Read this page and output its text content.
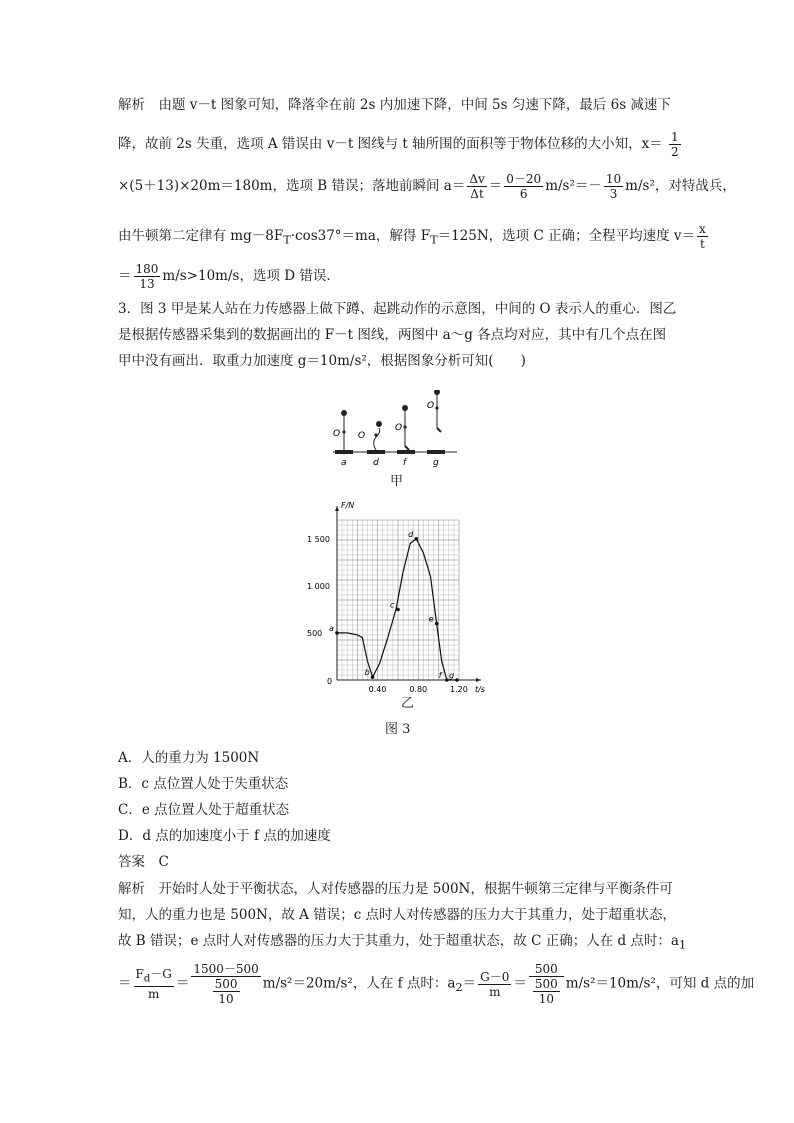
解析　由题 v－t 图象可知，降落伞在前 2s 内加速下降，中间 5s 匀速下降，最后 6s 减速下
降，故前 2s 失重，选项 A 错误由 v－t 图线与 t 轴所围的面积等于物体位移的大小知，$x= \frac{1}{2}$
×(5＋13)×20m＝180m，选项 B 错误；落地前瞬间 $a= \frac{\Delta v}{\Delta t} = \frac{0-20}{6} m/s^2=- \frac{10}{3} m/s^2$，对特战兵，
由牛顿第二定律有 $mg-8F_T\cdot\cos 37^\circ=ma$，解得 $F_T=125N$，选项 C 正确；全程平均速度 $v= \frac{x}{t}$
＝ $\frac{180}{13} m/s>10m/s$，选项 D 错误．
3．图 3 甲是某人站在力传感器上做下蹲、起跳动作的示意图，中间的 O 表示人的重心．图乙
是根据传感器采集到的数据画出的 F－t 图线，两图中 a～g 各点均对应，其中有几个点在图
甲中没有画出．取重力加速度 g＝10m/s²，根据图象分析可知(　　)
O
a
O
d
O
f
O
g
甲
0.40	0.80	1.20
500
1 000
1 500
0
t/s
F/N
a
b
c
d
e
f g
乙
图 3
A．人的重力为 1500N
B．c 点位置人处于失重状态
C．e 点位置人处于超重状态
D．d 点的加速度小于 f 点的加速度
答案　C
解析　开始时人处于平衡状态，人对传感器的压力是 500N，根据牛顿第三定律与平衡条件可
知，人的重力也是 500N，故 A 错误；c 点时人对传感器的压力大于其重力，处于超重状态，
故 B 错误；e 点时人对传感器的压力大于其重力，处于超重状态，故 C 正确；人在 d 点时：$a_1$
＝ $\frac{F_d-G}{m} = \frac{1500-500}{\frac{500}{10}} m/s^2=20m/s^2$，人在 f 点时：$a_2= \frac{G-0}{m} = \frac{500}{\frac{500}{10}} m/s^2=10m/s^2$，可知 d 点的加
